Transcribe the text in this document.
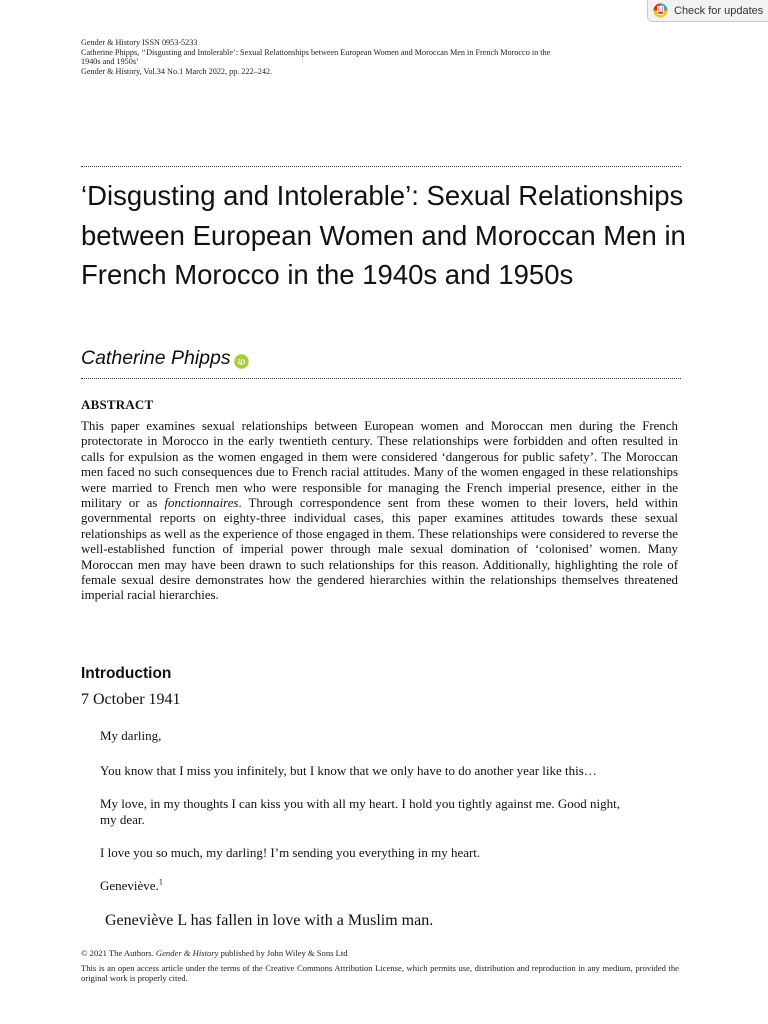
Check for updates
Gender & History ISSN 0953-5233
Catherine Phipps, ‘‘Disgusting and Intolerable’: Sexual Relationships between European Women and Moroccan Men in French Morocco in the
1940s and 1950s’
Gender & History, Vol.34 No.1 March 2022, pp. 222–242.
‘Disgusting and Intolerable’: Sexual Relationships between European Women and Moroccan Men in French Morocco in the 1940s and 1950s
Catherine Phipps iD
ABSTRACT

This paper examines sexual relationships between European women and Moroccan men during the French protectorate in Morocco in the early twentieth century. These relationships were forbidden and often resulted in calls for expulsion as the women engaged in them were considered ‘dangerous for public safety’. The Moroccan men faced no such consequences due to French racial attitudes. Many of the women engaged in these relationships were married to French men who were responsible for managing the French imperial presence, either in the military or as fonctionnaires. Through correspondence sent from these women to their lovers, held within governmental reports on eighty-three individual cases, this paper examines attitudes towards these sexual relationships as well as the experience of those engaged in them. These relationships were considered to reverse the well-established function of imperial power through male sexual domination of ‘colonised’ women. Many Moroccan men may have been drawn to such relationships for this reason. Additionally, highlighting the role of female sexual desire demonstrates how the gendered hierarchies within the relationships themselves threatened imperial racial hierarchies.

Introduction
7 October 1941

My darling,

You know that I miss you infinitely, but I know that we only have to do another year like this…

My love, in my thoughts I can kiss you with all my heart. I hold you tightly against me. Good night,
my dear.

I love you so much, my darling! I’m sending you everything in my heart.

Geneviève.$^1$

Geneviève L has fallen in love with a Muslim man.
© 2021 The Authors. Gender & History published by John Wiley & Sons Ltd
This is an open access article under the terms of the Creative Commons Attribution License, which permits use, distribution and reproduction in any medium, provided the original work is properly cited.
